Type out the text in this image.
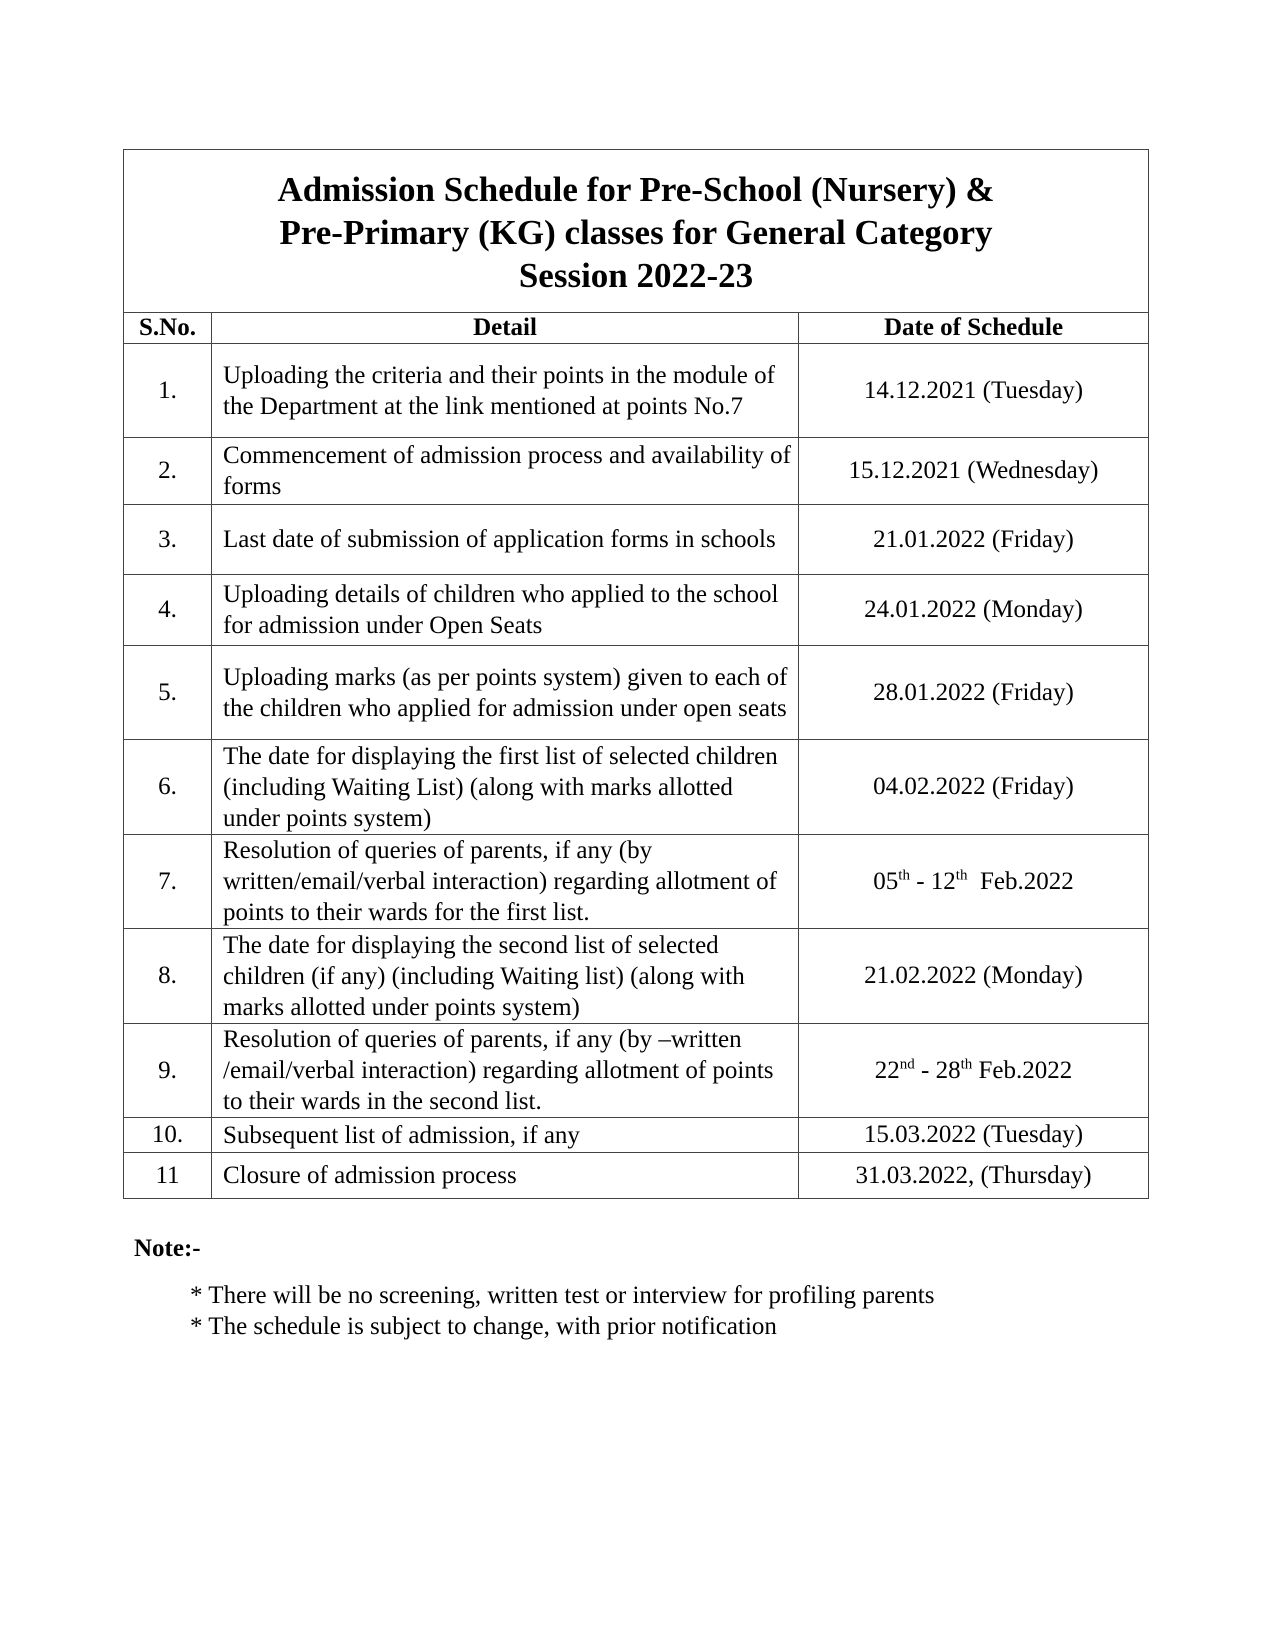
Admission Schedule for Pre-School (Nursery) &
Pre-Primary (KG) classes for General Category
Session 2022-23		

S.No.	Detail	Date of Schedule
1.	Uploading the criteria and their points in the module of the Department at the link mentioned at points No.7	14.12.2021 (Tuesday)
2.	Commencement of admission process and availability of forms	15.12.2021 (Wednesday)
3.	Last date of submission of application forms in schools	21.01.2022 (Friday)
4.	Uploading details of children who applied to the school for admission under Open Seats	24.01.2022 (Monday)
5.	Uploading marks (as per points system) given to each of the children who applied for admission under open seats	28.01.2022 (Friday)
6.	The date for displaying the first list of selected children (including Waiting List) (along with marks allotted under points system)	04.02.2022 (Friday)
7.	Resolution of queries of parents, if any (by written/email/verbal interaction) regarding allotment of points to their wards for the first list.	05th - 12th  Feb.2022
8.	The date for displaying the second list of selected children (if any) (including Waiting list) (along with marks allotted under points system)	21.02.2022 (Monday)
9.	Resolution of queries of parents, if any (by –written /email/verbal interaction) regarding allotment of points to their wards in the second list.	22nd - 28th Feb.2022
10.	Subsequent list of admission, if any	15.03.2022 (Tuesday)
11	Closure of admission process	31.03.2022, (Thursday)
Note:-
* There will be no screening, written test or interview for profiling parents
* The schedule is subject to change, with prior notification
